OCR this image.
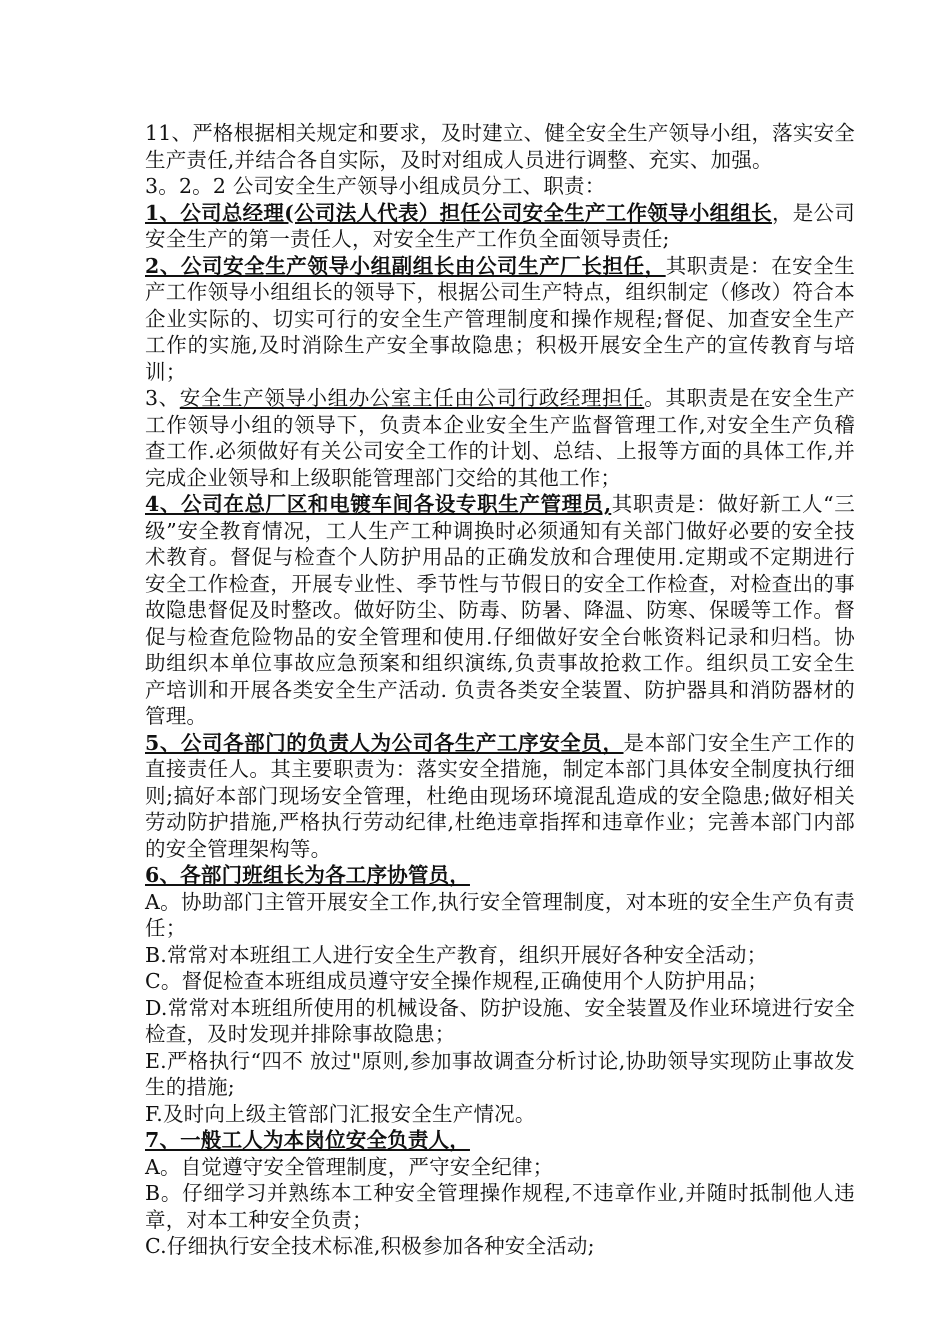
11、严格根据相关规定和要求，及时建立、健全安全生产领导小组，落实安全生产责任,并结合各自实际，及时对组成人员进行调整、充实、加强。

3。2。2 公司安全生产领导小组成员分工、职责：

1、公司总经理(公司法人代表）担任公司安全生产工作领导小组组长，是公司安全生产的第一责任人，对安全生产工作负全面领导责任;

2、公司安全生产领导小组副组长由公司生产厂长担任，其职责是：在安全生产工作领导小组组长的领导下，根据公司生产特点，组织制定（修改）符合本企业实际的、切实可行的安全生产管理制度和操作规程;督促、加查安全生产工作的实施,及时消除生产安全事故隐患；积极开展安全生产的宣传教育与培训；

3、安全生产领导小组办公室主任由公司行政经理担任。其职责是在安全生产工作领导小组的领导下，负责本企业安全生产监督管理工作,对安全生产负稽查工作.必须做好有关公司安全工作的计划、总结、上报等方面的具体工作,并完成企业领导和上级职能管理部门交给的其他工作；

4、公司在总厂区和电镀车间各设专职生产管理员,其职责是：做好新工人“三级”安全教育情况，工人生产工种调换时必须通知有关部门做好必要的安全技术教育。督促与检查个人防护用品的正确发放和合理使用.定期或不定期进行安全工作检查，开展专业性、季节性与节假日的安全工作检查，对检查出的事故隐患督促及时整改。做好防尘、防毒、防暑、降温、防寒、保暖等工作。督促与检查危险物品的安全管理和使用.仔细做好安全台帐资料记录和归档。协助组织本单位事故应急预案和组织演练,负责事故抢救工作。组织员工安全生产培训和开展各类安全生产活动. 负责各类安全装置、防护器具和消防器材的管理。

5、公司各部门的负责人为公司各生产工序安全员，是本部门安全生产工作的直接责任人。其主要职责为：落实安全措施，制定本部门具体安全制度执行细则;搞好本部门现场安全管理，杜绝由现场环境混乱造成的安全隐患;做好相关劳动防护措施,严格执行劳动纪律,杜绝违章指挥和违章作业；完善本部门内部的安全管理架构等。

6、各部门班组长为各工序协管员，

A。协助部门主管开展安全工作,执行安全管理制度，对本班的安全生产负有责任；

B.常常对本班组工人进行安全生产教育，组织开展好各种安全活动；

C。督促检查本班组成员遵守安全操作规程,正确使用个人防护用品；

D.常常对本班组所使用的机械设备、防护设施、安全装置及作业环境进行安全检查，及时发现并排除事故隐患；

E.严格执行“四不 放过"原则,参加事故调查分析讨论,协助领导实现防止事故发生的措施;

F.及时向上级主管部门汇报安全生产情况。

7、一般工人为本岗位安全负责人，

A。自觉遵守安全管理制度，严守安全纪律；

B。仔细学习并熟练本工种安全管理操作规程,不违章作业,并随时抵制他人违章，对本工种安全负责；

C.仔细执行安全技术标准,积极参加各种安全活动;
